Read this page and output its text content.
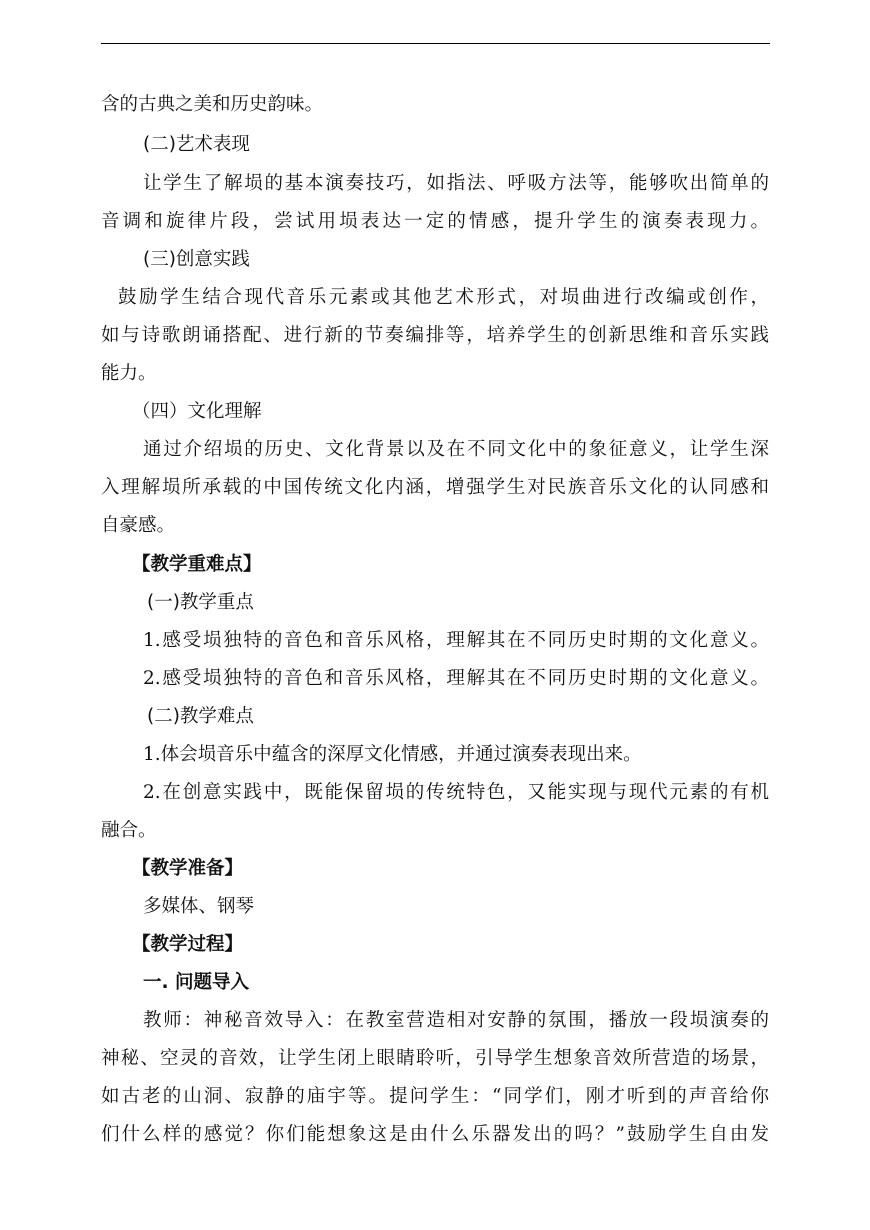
含的古典之美和历史韵味。
(二)艺术表现
让学生了解埙的基本演奏技巧，如指法、呼吸方法等，能够吹出简单的
音调和旋律片段，尝试用埙表达一定的情感，提升学生的演奏表现力。
(三)创意实践
鼓励学生结合现代音乐元素或其他艺术形式，对埙曲进行改编或创作，
如与诗歌朗诵搭配、进行新的节奏编排等，培养学生的创新思维和音乐实践
能力。
（四）文化理解
通过介绍埙的历史、文化背景以及在不同文化中的象征意义，让学生深
入理解埙所承载的中国传统文化内涵，增强学生对民族音乐文化的认同感和
自豪感。
【教学重难点】
(一)教学重点
1.感受埙独特的音色和音乐风格，理解其在不同历史时期的文化意义。
2.感受埙独特的音色和音乐风格，理解其在不同历史时期的文化意义。
(二)教学难点
1.体会埙音乐中蕴含的深厚文化情感，并通过演奏表现出来。
2.在创意实践中，既能保留埙的传统特色，又能实现与现代元素的有机
融合。
【教学准备】
多媒体、钢琴
【教学过程】
一. 问题导入
教师：神秘音效导入：在教室营造相对安静的氛围，播放一段埙演奏的
神秘、空灵的音效，让学生闭上眼睛聆听，引导学生想象音效所营造的场景，
如古老的山洞、寂静的庙宇等。提问学生：“同学们，刚才听到的声音给你
们什么样的感觉？你们能想象这是由什么乐器发出的吗？”鼓励学生自由发
